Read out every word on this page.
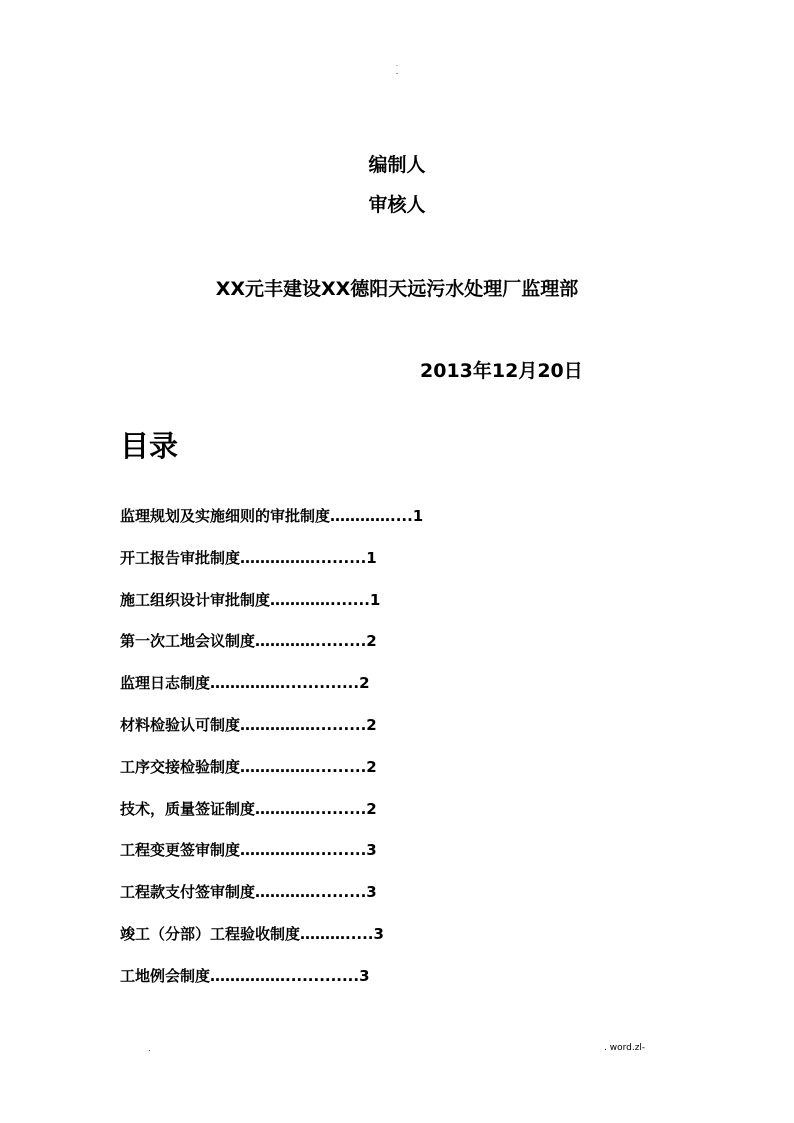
.
-
编制人
审核人
XX元丰建设XX德阳天远污水处理厂监理部
2013年12月20日
目录
监理规划及实施细则的审批制度…………....1
开工报告审批制度…………….........1
施工组织设计审批制度………….......1
第一次工地会议制度………….........2
监理日志制度…………….............2
材料检验认可制度…………….........2
工序交接检验制度…………….........2
技术，质量签证制度………….........2
工程变更签审制度…………….........3
工程款支付签审制度………….........3
竣工（分部）工程验收制度……….....3
工地例会制度…………….............3
.	. word.zl-
